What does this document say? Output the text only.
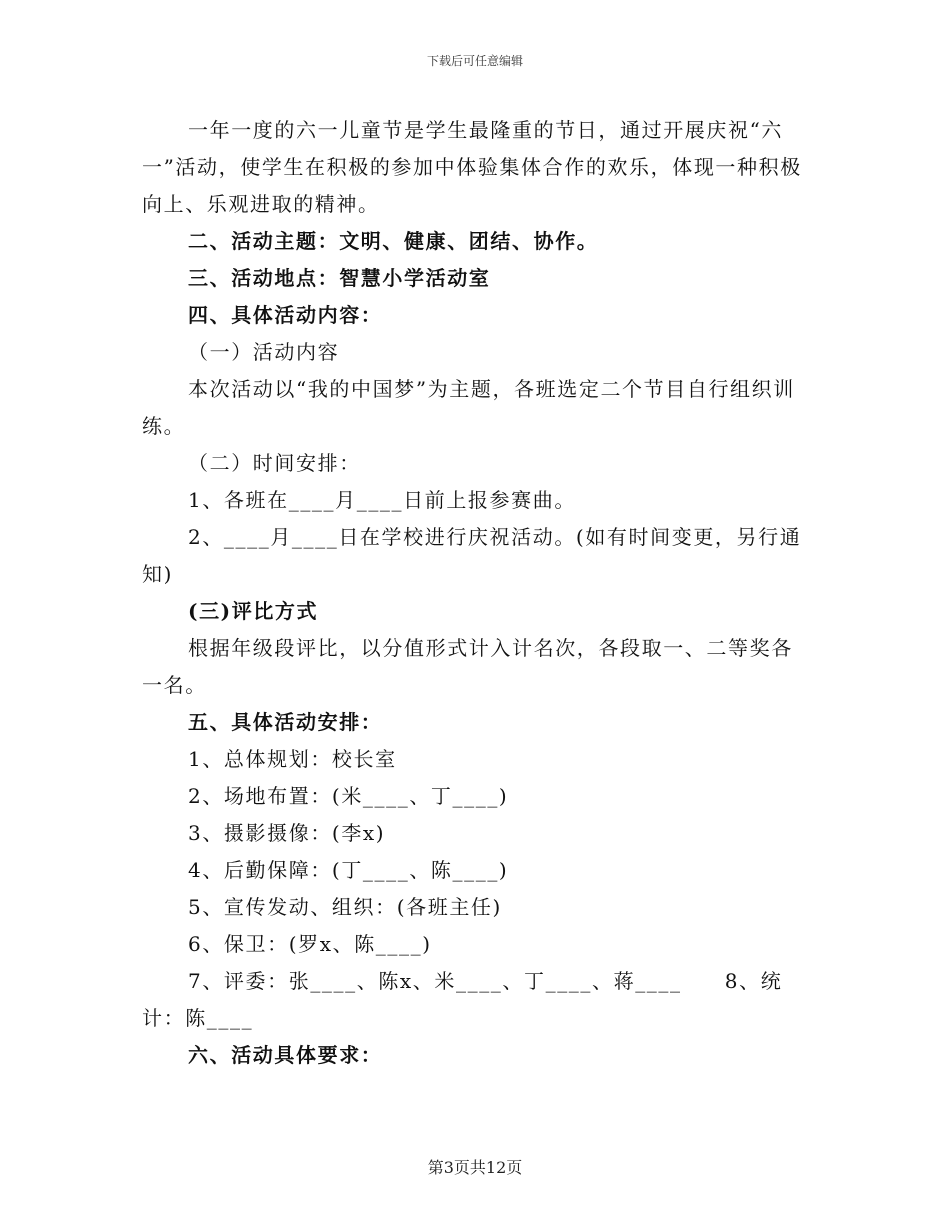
下载后可任意编辑

一年一度的六一儿童节是学生最隆重的节日，通过开展庆祝“六一”活动，使学生在积极的参加中体验集体合作的欢乐，体现一种积极向上、乐观进取的精神。

二、活动主题：文明、健康、团结、协作。

三、活动地点：智慧小学活动室

四、具体活动内容：

（一）活动内容

本次活动以“我的中国梦”为主题，各班选定二个节目自行组织训练。

（二）时间安排：

1、各班在____月____日前上报参赛曲。

2、____月____日在学校进行庆祝活动。(如有时间变更，另行通知)

(三)评比方式

根据年级段评比，以分值形式计入计名次，各段取一、二等奖各一名。

五、具体活动安排：

1、总体规划：校长室

2、场地布置：(米____、丁____)

3、摄影摄像：(李x)

4、后勤保障：(丁____、陈____)

5、宣传发动、组织：(各班主任)

6、保卫：(罗x、陈____)

7、评委：张____、陈x、米____、丁____、蒋____　　8、统计：陈____

六、活动具体要求：

第3页共12页
